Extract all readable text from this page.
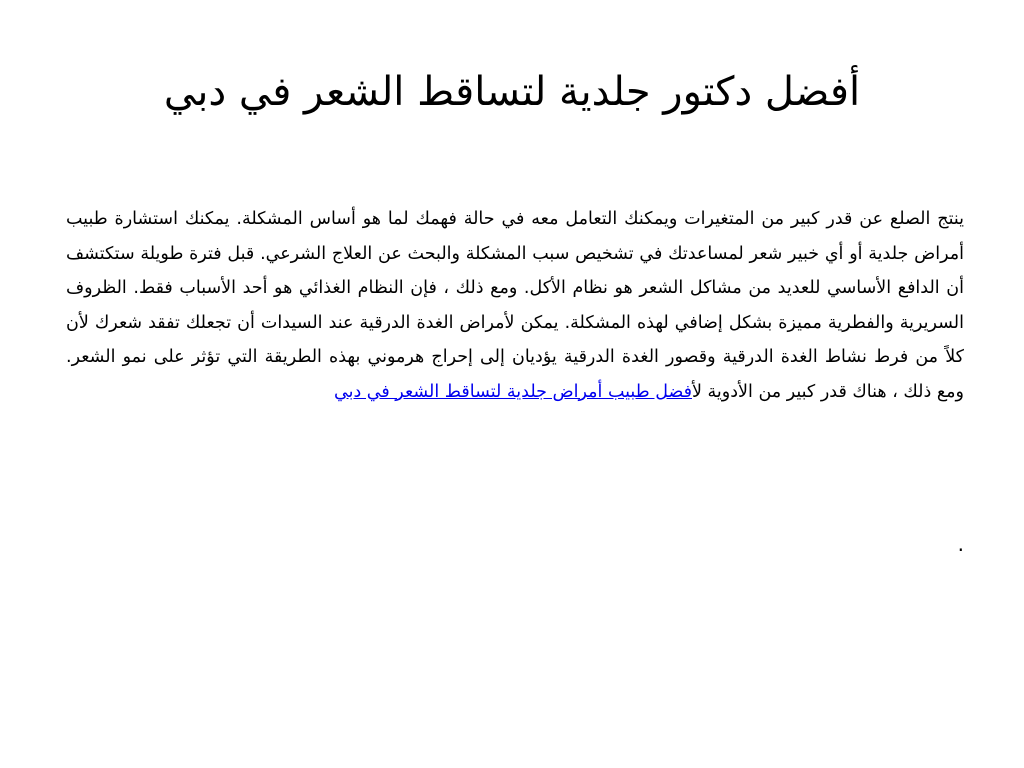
أفضل دكتور جلدية لتساقط الشعر في دبي

ينتج الصلع عن قدر كبير من المتغيرات ويمكنك التعامل معه في حالة فهمك لما هو أساس المشكلة. يمكنك استشارة طبيب أمراض جلدية أو أي خبير شعر لمساعدتك في تشخيص سبب المشكلة والبحث عن العلاج الشرعي. قبل فترة طويلة ستكتشف أن الدافع الأساسي للعديد من مشاكل الشعر هو نظام الأكل. ومع ذلك ، فإن النظام الغذائي هو أحد الأسباب فقط. الظروف السريرية والفطرية مميزة بشكل إضافي لهذه المشكلة. يمكن لأمراض الغدة الدرقية عند السيدات أن تجعلك تفقد شعرك لأن كلاً من فرط نشاط الغدة الدرقية وقصور الغدة الدرقية يؤديان إلى إحراج هرموني بهذه الطريقة التي تؤثر على نمو الشعر. ومع ذلك ، هناك قدر كبير من الأدوية لأفضل طبيب أمراض جلدية لتساقط الشعر في دبي

.
